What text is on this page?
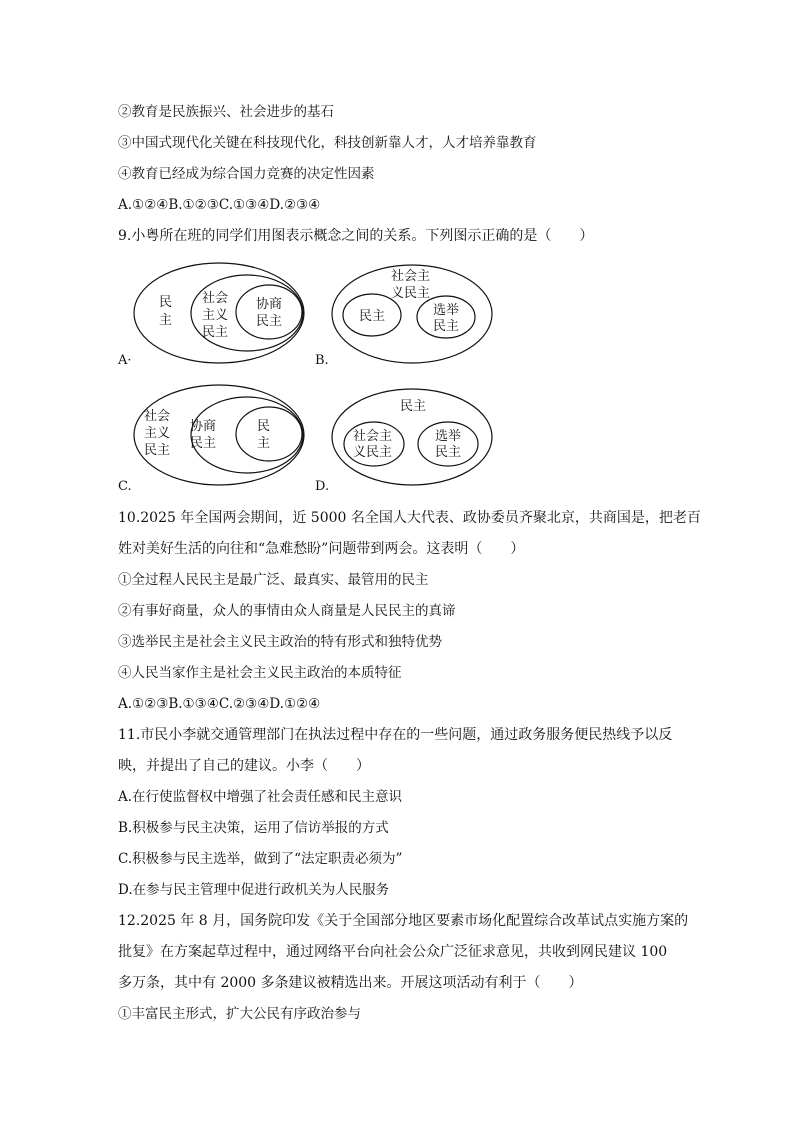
②教育是民族振兴、社会进步的基石
③中国式现代化关键在科技现代化，科技创新靠人才，人才培养靠教育
④教育已经成为综合国力竞赛的决定性因素
A.①②④B.①②③C.①③④D.②③④
9.小粤所在班的同学们用图表示概念之间的关系。下列图示正确的是（　　）
民
主
社会
主义
民主
协商
民主
A·
社会主
义民主
民主	选举
民主
B.
社会
主义
民主
协商
民主
民
主
C.
民主
社会主
义民主
选举
民主
D.
10.2025 年全国两会期间，近 5000 名全国人大代表、政协委员齐聚北京，共商国是，把老百
姓对美好生活的向往和“急难愁盼”问题带到两会。这表明（　　）
①全过程人民民主是最广泛、最真实、最管用的民主
②有事好商量，众人的事情由众人商量是人民民主的真谛
③选举民主是社会主义民主政治的特有形式和独特优势
④人民当家作主是社会主义民主政治的本质特征
A.①②③B.①③④C.②③④D.①②④
11.市民小李就交通管理部门在执法过程中存在的一些问题，通过政务服务便民热线予以反
映，并提出了自己的建议。小李（　　）
A.在行使监督权中增强了社会责任感和民主意识
B.积极参与民主决策，运用了信访举报的方式
C.积极参与民主选举，做到了“法定职责必须为”
D.在参与民主管理中促进行政机关为人民服务
12.2025 年 8 月，国务院印发《关于全国部分地区要素市场化配置综合改革试点实施方案的
批复》在方案起草过程中，通过网络平台向社会公众广泛征求意见，共收到网民建议 100
多万条，其中有 2000 多条建议被精选出来。开展这项活动有利于（　　）
①丰富民主形式，扩大公民有序政治参与
